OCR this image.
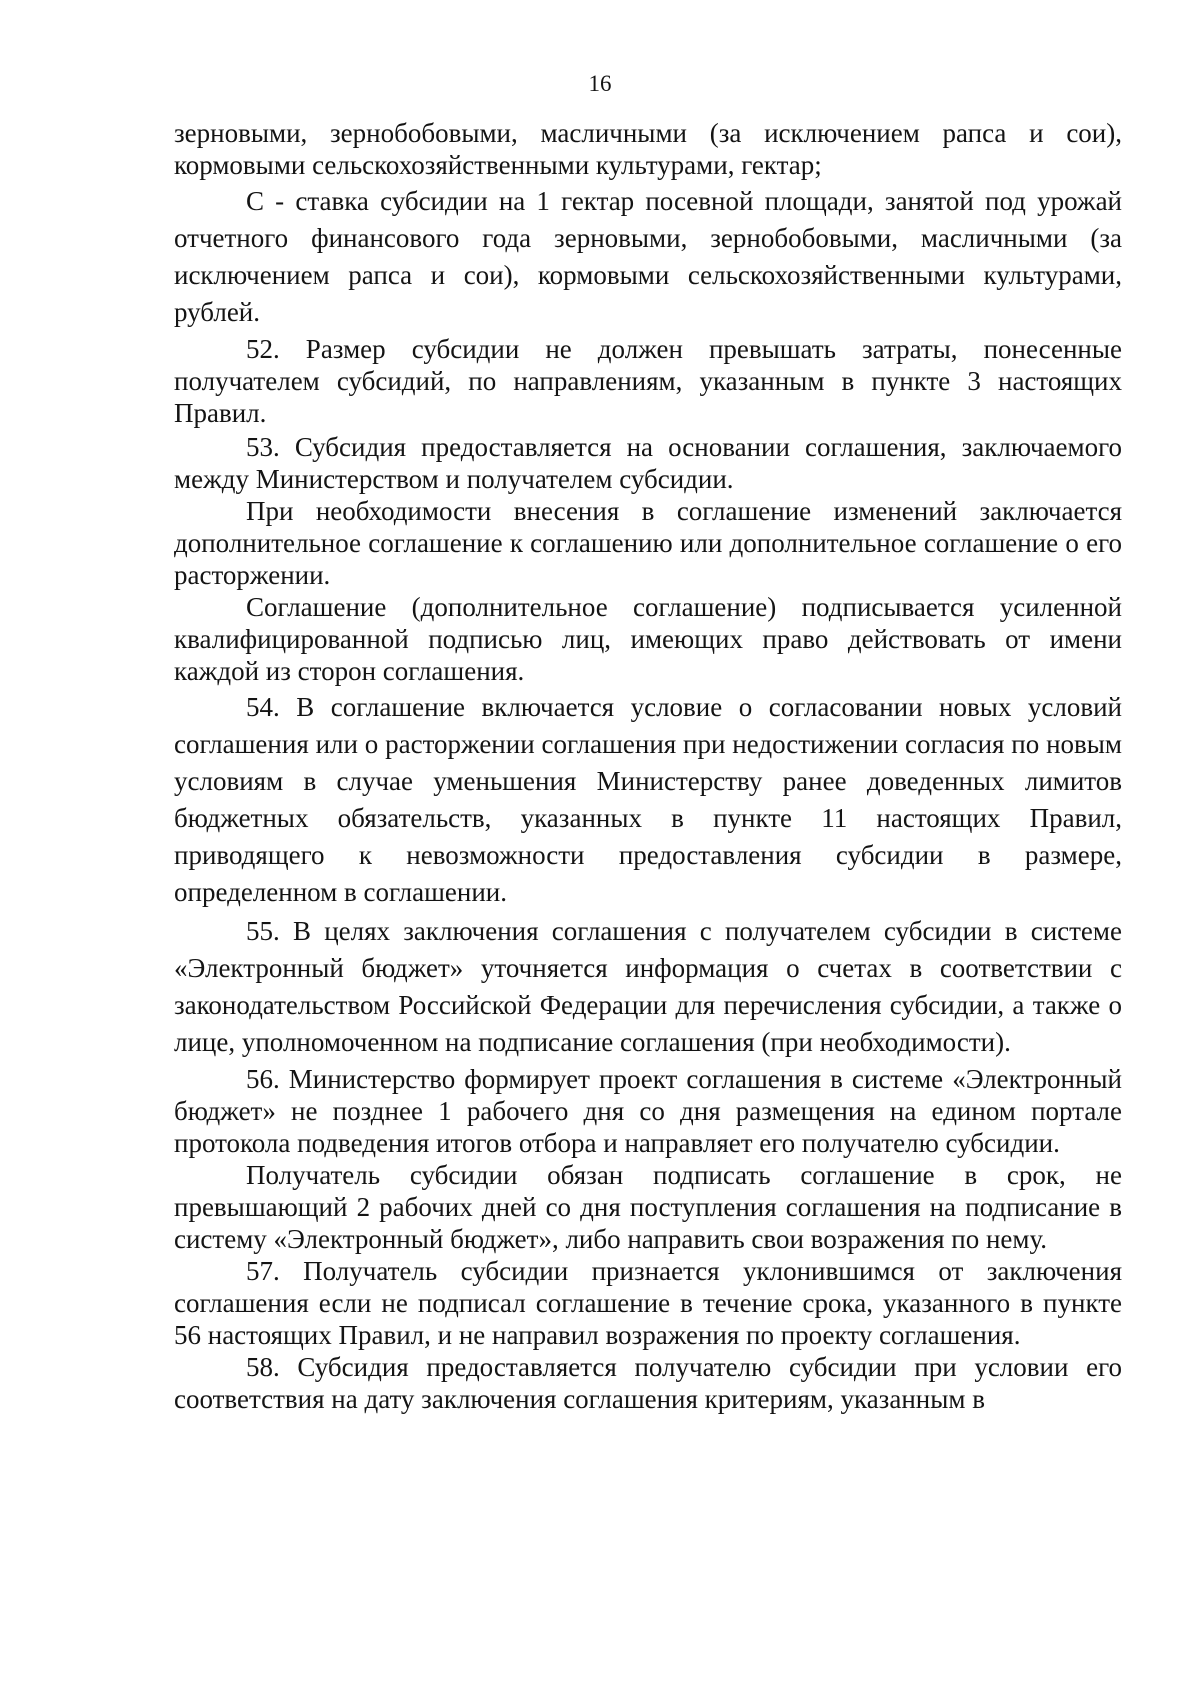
16

зерновыми, зернобобовыми, масличными (за исключением рапса и сои), кормовыми сельскохозяйственными культурами, гектар;

С - ставка субсидии на 1 гектар посевной площади, занятой под урожай отчетного финансового года зерновыми, зернобобовыми, масличными (за исключением рапса и сои), кормовыми сельскохозяйственными культурами, рублей.

52. Размер субсидии не должен превышать затраты, понесенные получателем субсидий, по направлениям, указанным в пункте 3 настоящих Правил.

53. Субсидия предоставляется на основании соглашения, заключаемого между Министерством и получателем субсидии.

При необходимости внесения в соглашение изменений заключается дополнительное соглашение к соглашению или дополнительное соглашение о его расторжении.

Соглашение (дополнительное соглашение) подписывается усиленной квалифицированной подписью лиц, имеющих право действовать от имени каждой из сторон соглашения.

54. В соглашение включается условие о согласовании новых условий соглашения или о расторжении соглашения при недостижении согласия по новым условиям в случае уменьшения Министерству ранее доведенных лимитов бюджетных обязательств, указанных в пункте 11 настоящих Правил, приводящего к невозможности предоставления субсидии в размере, определенном в соглашении.

55. В целях заключения соглашения с получателем субсидии в системе «Электронный бюджет» уточняется информация о счетах в соответствии с законодательством Российской Федерации для перечисления субсидии, а также о лице, уполномоченном на подписание соглашения (при необходимости).

56. Министерство формирует проект соглашения в системе «Электронный бюджет» не позднее 1 рабочего дня со дня размещения на едином портале протокола подведения итогов отбора и направляет его получателю субсидии.

Получатель субсидии обязан подписать соглашение в срок, не превышающий 2 рабочих дней со дня поступления соглашения на подписание в систему «Электронный бюджет», либо направить свои возражения по нему.

57. Получатель субсидии признается уклонившимся от заключения соглашения если не подписал соглашение в течение срока, указанного в пункте 56 настоящих Правил, и не направил возражения по проекту соглашения.

58. Субсидия предоставляется получателю субсидии при условии его соответствия на дату заключения соглашения критериям, указанным в
